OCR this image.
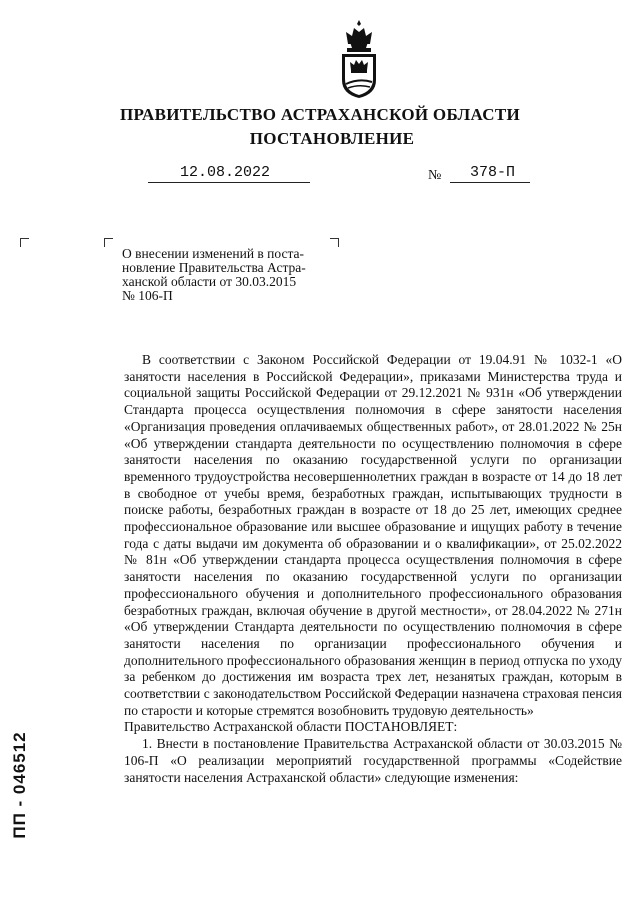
ПРАВИТЕЛЬСТВО АСТРАХАНСКОЙ ОБЛАСТИ
ПОСТАНОВЛЕНИЕ
12.08.2022	№ 378-П

О внесении изменений в поста-

новление Правительства Астра-

ханской области от 30.03.2015

№ 106-П

В соответствии с Законом Российской Федерации от 19.04.91 № 1032-1 «О занятости населения в Российской Федерации», приказами Министерства труда и социальной защиты Российской Федерации от 29.12.2021 № 931н «Об утверждении Стандарта процесса осуществления полномочия в сфере занятости населения «Организация проведения оплачиваемых общественных работ», от 28.01.2022 № 25н «Об утверждении стандарта деятельности по осуществлению полномочия в сфере занятости населения по оказанию государственной услуги по организации временного трудоустройства несовершеннолетних граждан в возрасте от 14 до 18 лет в свободное от учебы время, безработных граждан, испытывающих трудности в поиске работы, безработных граждан в возрасте от 18 до 25 лет, имеющих среднее профессиональное образование или высшее образование и ищущих работу в течение года с даты выдачи им документа об образовании и о квалификации», от 25.02.2022 № 81н «Об утверждении стандарта процесса осуществления полномочия в сфере занятости населения по оказанию государственной услуги по организации профессионального обучения и дополнительного профессионального образования безработных граждан, включая обучение в другой местности», от 28.04.2022 № 271н «Об утверждении Стандарта деятельности по осуществлению полномочия в сфере занятости населения по организации профессионального обучения и дополнительного профессионального образования женщин в период отпуска по уходу за ребенком до достижения им возраста трех лет, незанятых граждан, которым в соответствии с законодательством Российской Федерации назначена страховая пенсия по старости и которые стремятся возобновить трудовую деятельность»

Правительство Астраханской области ПОСТАНОВЛЯЕТ:

1. Внести в постановление Правительства Астраханской области от 30.03.2015 № 106-П «О реализации мероприятий государственной программы «Содействие занятости населения Астраханской области» следующие изменения:

ПП - 046512
